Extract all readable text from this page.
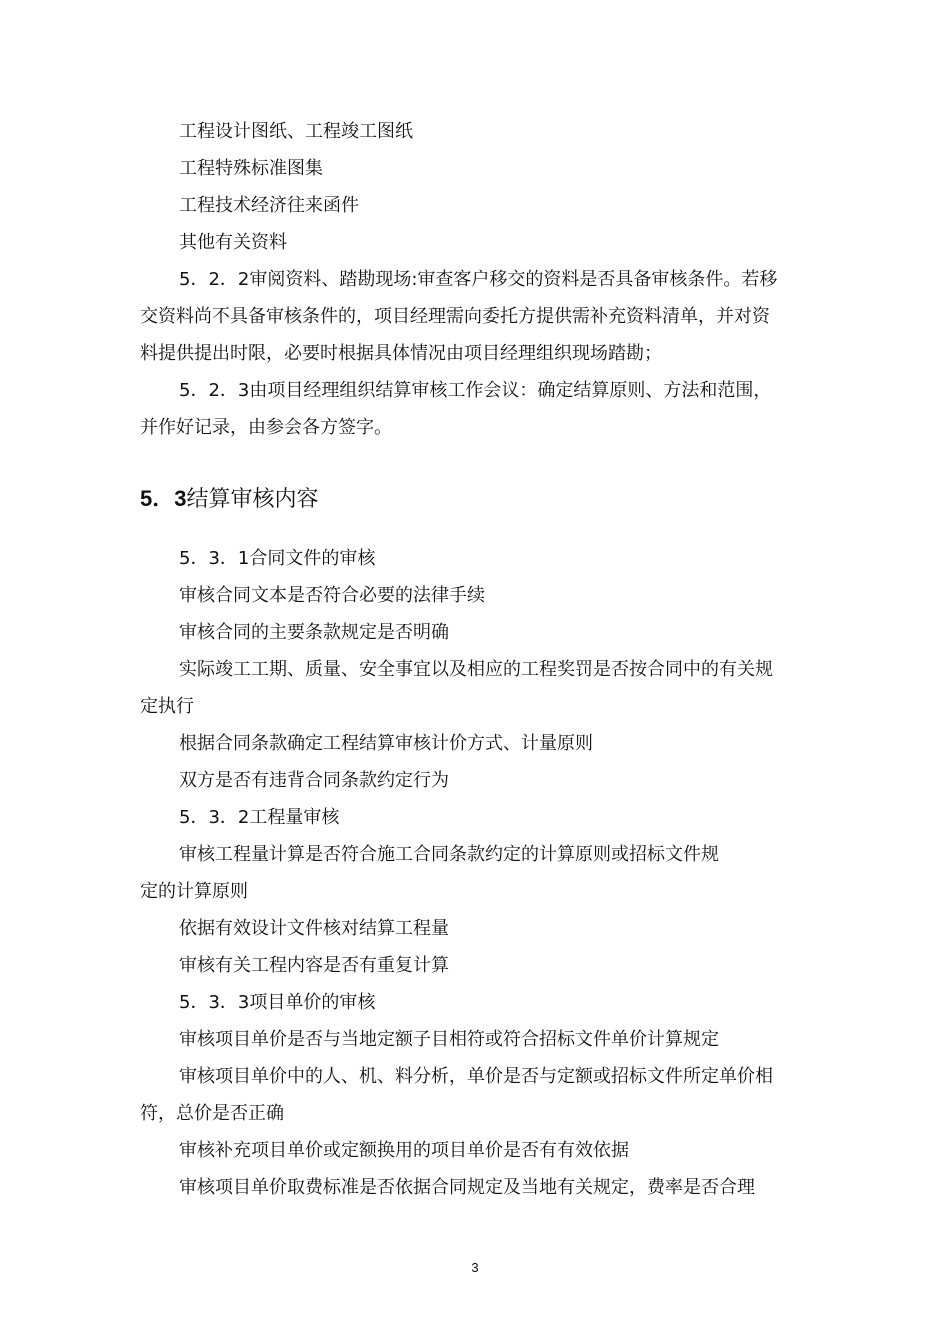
工程设计图纸、工程竣工图纸
工程特殊标准图集
工程技术经济往来函件
其他有关资料
5．2．2审阅资料、踏勘现场:审查客户移交的资料是否具备审核条件。若移
交资料尚不具备审核条件的，项目经理需向委托方提供需补充资料清单，并对资
料提供提出时限，必要时根据具体情况由项目经理组织现场踏勘；
5．2．3由项目经理组织结算审核工作会议：确定结算原则、方法和范围，
并作好记录，由参会各方签字。
5．3结算审核内容
5．3．1合同文件的审核
审核合同文本是否符合必要的法律手续
审核合同的主要条款规定是否明确
实际竣工工期、质量、安全事宜以及相应的工程奖罚是否按合同中的有关规
定执行
根据合同条款确定工程结算审核计价方式、计量原则
双方是否有违背合同条款约定行为
5．3．2工程量审核
审核工程量计算是否符合施工合同条款约定的计算原则或招标文件规
定的计算原则
依据有效设计文件核对结算工程量
审核有关工程内容是否有重复计算
5．3．3项目单价的审核
审核项目单价是否与当地定额子目相符或符合招标文件单价计算规定
审核项目单价中的人、机、料分析，单价是否与定额或招标文件所定单价相
符，总价是否正确
审核补充项目单价或定额换用的项目单价是否有有效依据
审核项目单价取费标准是否依据合同规定及当地有关规定，费率是否合理
3
